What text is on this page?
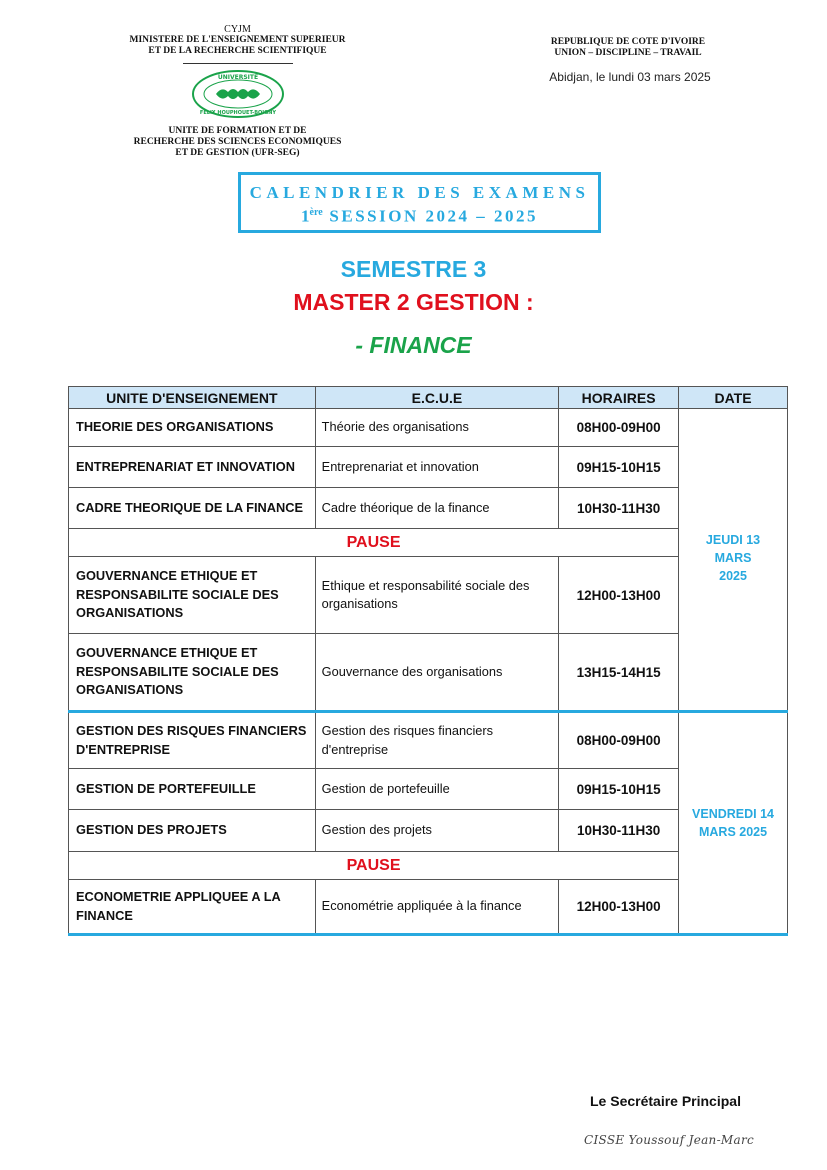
CYJM
MINISTERE DE L'ENSEIGNEMENT SUPERIEUR
ET DE LA RECHERCHE SCIENTIFIQUE
UNIVERSITE
FELIX HOUPHOUET-BOIGNY
UNITE DE FORMATION ET DE
RECHERCHE DES SCIENCES ECONOMIQUES
ET DE GESTION (UFR-SEG)
REPUBLIQUE DE COTE D'IVOIRE
UNION – DISCIPLINE – TRAVAIL
Abidjan, le lundi 03 mars 2025
CALENDRIER DES EXAMENS
1ère SESSION 2024 – 2025
SEMESTRE 3
MASTER 2 GESTION :
- FINANCE
UNITE D'ENSEIGNEMENT	E.C.U.E	HORAIRES	DATE
THEORIE DES ORGANISATIONS	Théorie des organisations	08H00-09H00	JEUDI 13 MARS 2025

ENTREPRENARIAT ET INNOVATION	Entreprenariat et innovation	09H15-10H15	
CADRE THEORIQUE DE LA FINANCE	Cadre théorique de la finance	10H30-11H30	
PAUSE			
GOUVERNANCE ETHIQUE ET RESPONSABILITE SOCIALE DES ORGANISATIONS	Ethique et responsabilité sociale des organisations	12H00-13H00	
GOUVERNANCE ETHIQUE ET RESPONSABILITE SOCIALE DES ORGANISATIONS	Gouvernance des organisations	13H15-14H15	
GESTION DES RISQUES FINANCIERS D'ENTREPRISE	Gestion des risques financiers d'entreprise	08H00-09H00	VENDREDI 14 MARS 2025

GESTION DE PORTEFEUILLE	Gestion de portefeuille	09H15-10H15	
GESTION DES PROJETS	Gestion des projets	10H30-11H30	
PAUSE			
ECONOMETRIE APPLIQUEE A LA FINANCE	Econométrie appliquée à la finance	12H00-13H00	
Le Secrétaire Principal
CISSE Youssouf Jean-Marc
